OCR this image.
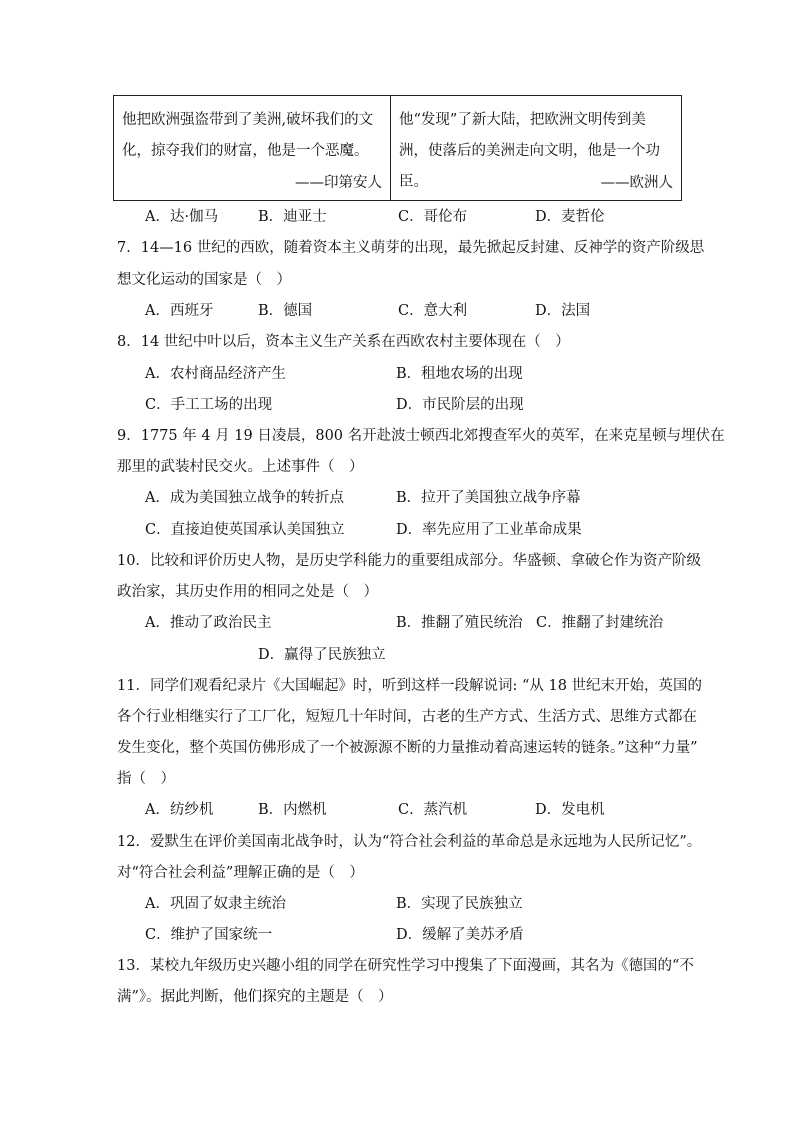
他把欧洲强盗带到了美洲,破坏我们的文化，掠夺我们的财富，他是一个恶魔。
——印第安人
他“发现”了新大陆，把欧洲文明传到美洲，使落后的美洲走向文明，他是一个功臣。	——欧洲人
A．达·伽马	B．迪亚士	C．哥伦布	D．麦哲伦
7．14—16 世纪的西欧，随着资本主义萌芽的出现，最先掀起反封建、反神学的资产阶级思
想文化运动的国家是（　）
A．西班牙	B．德国	C．意大利	D．法国
8．14 世纪中叶以后，资本主义生产关系在西欧农村主要体现在（　）
A．农村商品经济产生	B．租地农场的出现
C．手工工场的出现	D．市民阶层的出现
9．1775 年 4 月 19 日凌晨，800 名开赴波士顿西北郊搜查军火的英军，在来克星顿与埋伏在
那里的武装村民交火。上述事件（　）
A．成为美国独立战争的转折点	B．拉开了美国独立战争序幕
C．直接迫使英国承认美国独立	D．率先应用了工业革命成果
10．比较和评价历史人物，是历史学科能力的重要组成部分。华盛顿、拿破仑作为资产阶级
政治家，其历史作用的相同之处是（　）
A．推动了政治民主	B．推翻了殖民统治 C．推翻了封建统治
D．赢得了民族独立
11．同学们观看纪录片《大国崛起》时，听到这样一段解说词: “从 18 世纪末开始，英国的
各个行业相继实行了工厂化，短短几十年时间，古老的生产方式、生活方式、思维方式都在
发生变化，整个英国仿佛形成了一个被源源不断的力量推动着高速运转的链条。”这种“力量”
指（　）
A．纺纱机	B．内燃机	C．蒸汽机	D．发电机
12．爱默生在评价美国南北战争时，认为“符合社会利益的革命总是永远地为人民所记忆”。
对“符合社会利益”理解正确的是（　）
A．巩固了奴隶主统治	B．实现了民族独立
C．维护了国家统一	D．缓解了美苏矛盾
13．某校九年级历史兴趣小组的同学在研究性学习中搜集了下面漫画，其名为《德国的“不
满”》。据此判断，他们探究的主题是（　）
